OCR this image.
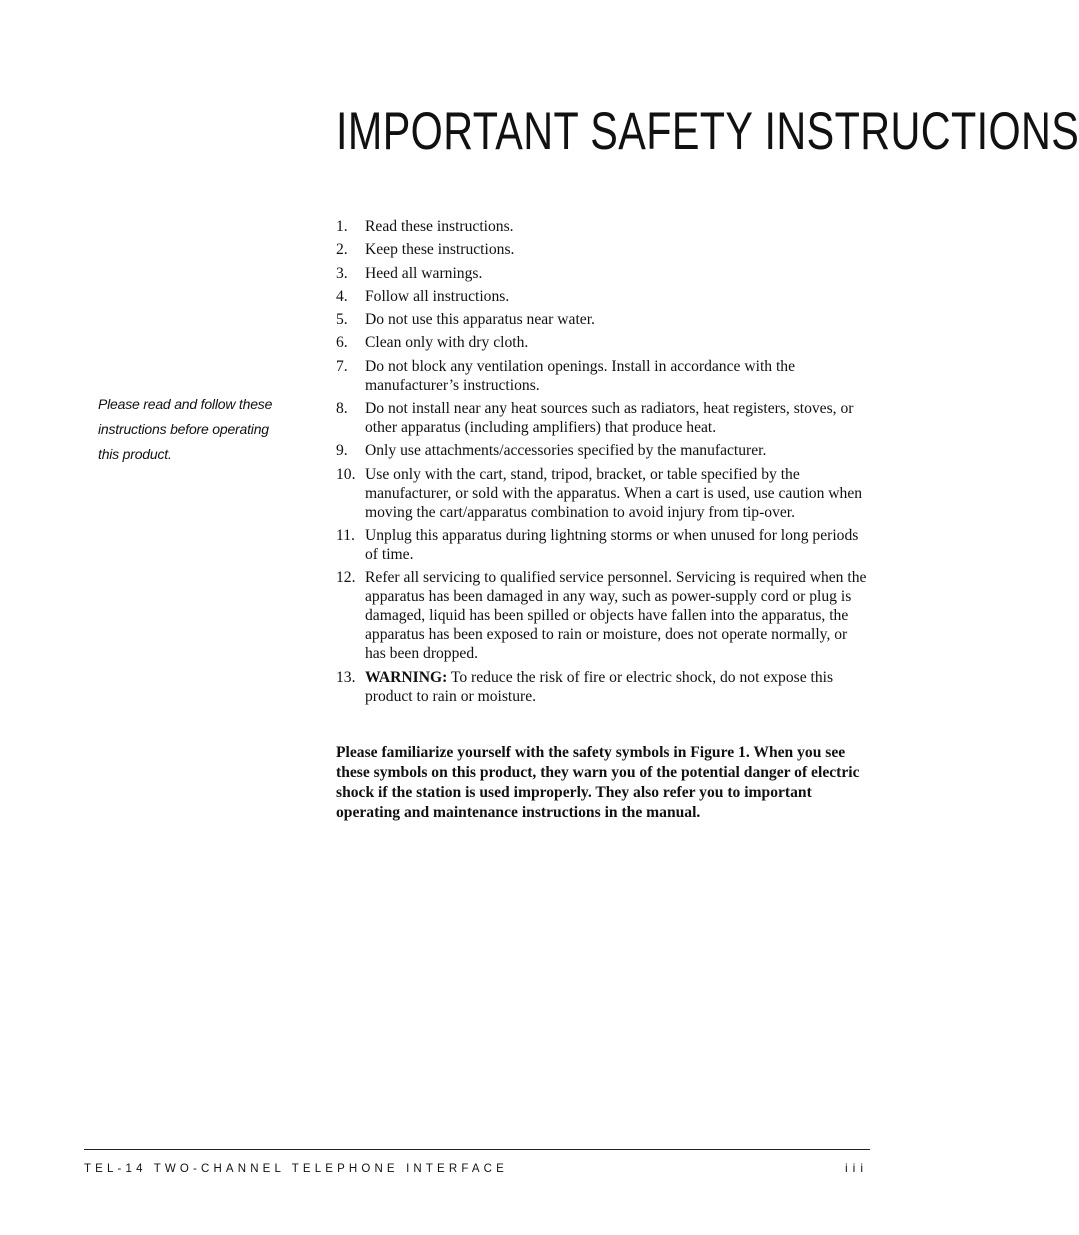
IMPORTANT SAFETY INSTRUCTIONS

Please read and follow these instructions before operating this product.

1. Read these instructions.
2. Keep these instructions.
3. Heed all warnings.
4. Follow all instructions.
5. Do not use this apparatus near water.
6. Clean only with dry cloth.
7. Do not block any ventilation openings. Install in accordance with the manufacturer’s instructions.
8. Do not install near any heat sources such as radiators, heat registers, stoves, or other apparatus (including amplifiers) that produce heat.
9. Only use attachments/accessories specified by the manufacturer.
10. Use only with the cart, stand, tripod, bracket, or table specified by the manufacturer, or sold with the apparatus. When a cart is used, use caution when moving the cart/apparatus combination to avoid injury from tip-over.
11. Unplug this apparatus during lightning storms or when unused for long periods of time.
12. Refer all servicing to qualified service personnel. Servicing is required when the apparatus has been damaged in any way, such as power-supply cord or plug is damaged, liquid has been spilled or objects have fallen into the apparatus, the apparatus has been exposed to rain or moisture, does not operate normally, or has been dropped.
13. WARNING: To reduce the risk of fire or electric shock, do not expose this product to rain or moisture.

Please familiarize yourself with the safety symbols in Figure 1. When you see these symbols on this product, they warn you of the potential danger of electric shock if the station is used improperly. They also refer you to important operating and maintenance instructions in the manual.

TEL-14 TWO-CHANNEL TELEPHONE INTERFACE	iii
